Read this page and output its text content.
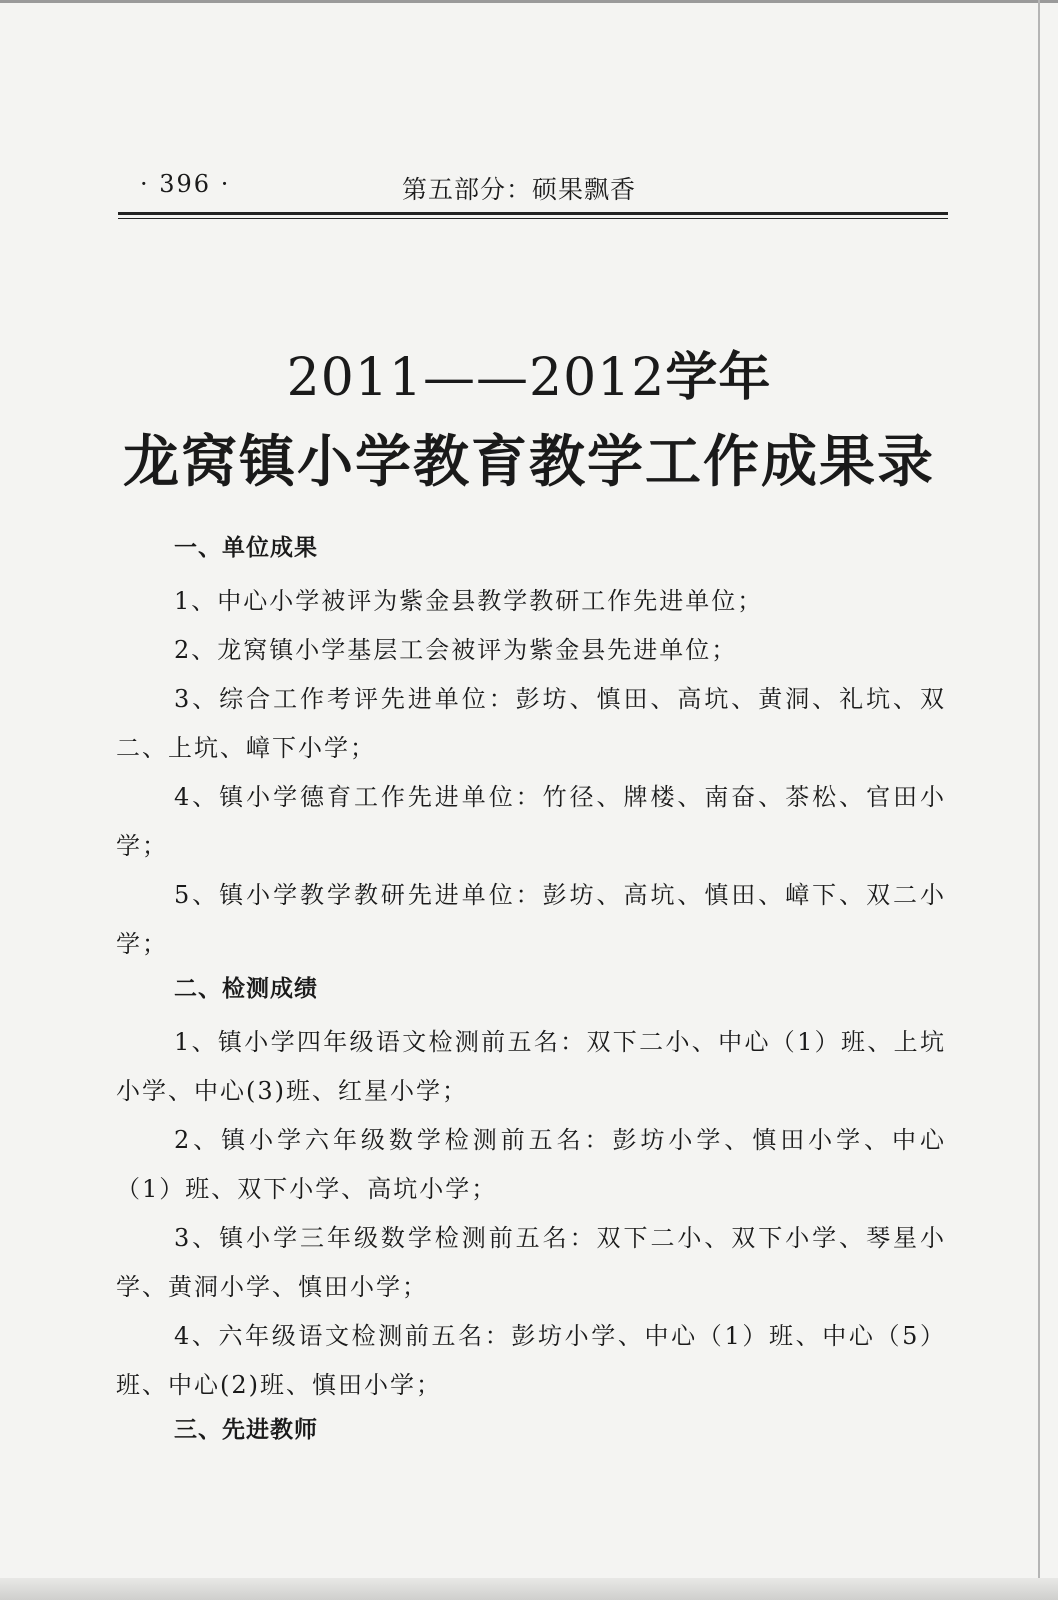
· 396 ·	第五部分：硕果飘香
2011——2012学年
龙窝镇小学教育教学工作成果录
一、单位成果

1、中心小学被评为紫金县教学教研工作先进单位；

2、龙窝镇小学基层工会被评为紫金县先进单位；

3、综合工作考评先进单位：彭坊、慎田、高坑、黄洞、礼坑、双二、上坑、嶂下小学；

4、镇小学德育工作先进单位：竹径、牌楼、南奋、茶松、官田小学；

5、镇小学教学教研先进单位：彭坊、高坑、慎田、嶂下、双二小学；

二、检测成绩

1、镇小学四年级语文检测前五名：双下二小、中心（1）班、上坑小学、中心(3)班、红星小学；

2、镇小学六年级数学检测前五名：彭坊小学、慎田小学、中心（1）班、双下小学、高坑小学；

3、镇小学三年级数学检测前五名：双下二小、双下小学、琴星小学、黄洞小学、慎田小学；

4、六年级语文检测前五名：彭坊小学、中心（1）班、中心（5）班、中心(2)班、慎田小学；

三、先进教师
